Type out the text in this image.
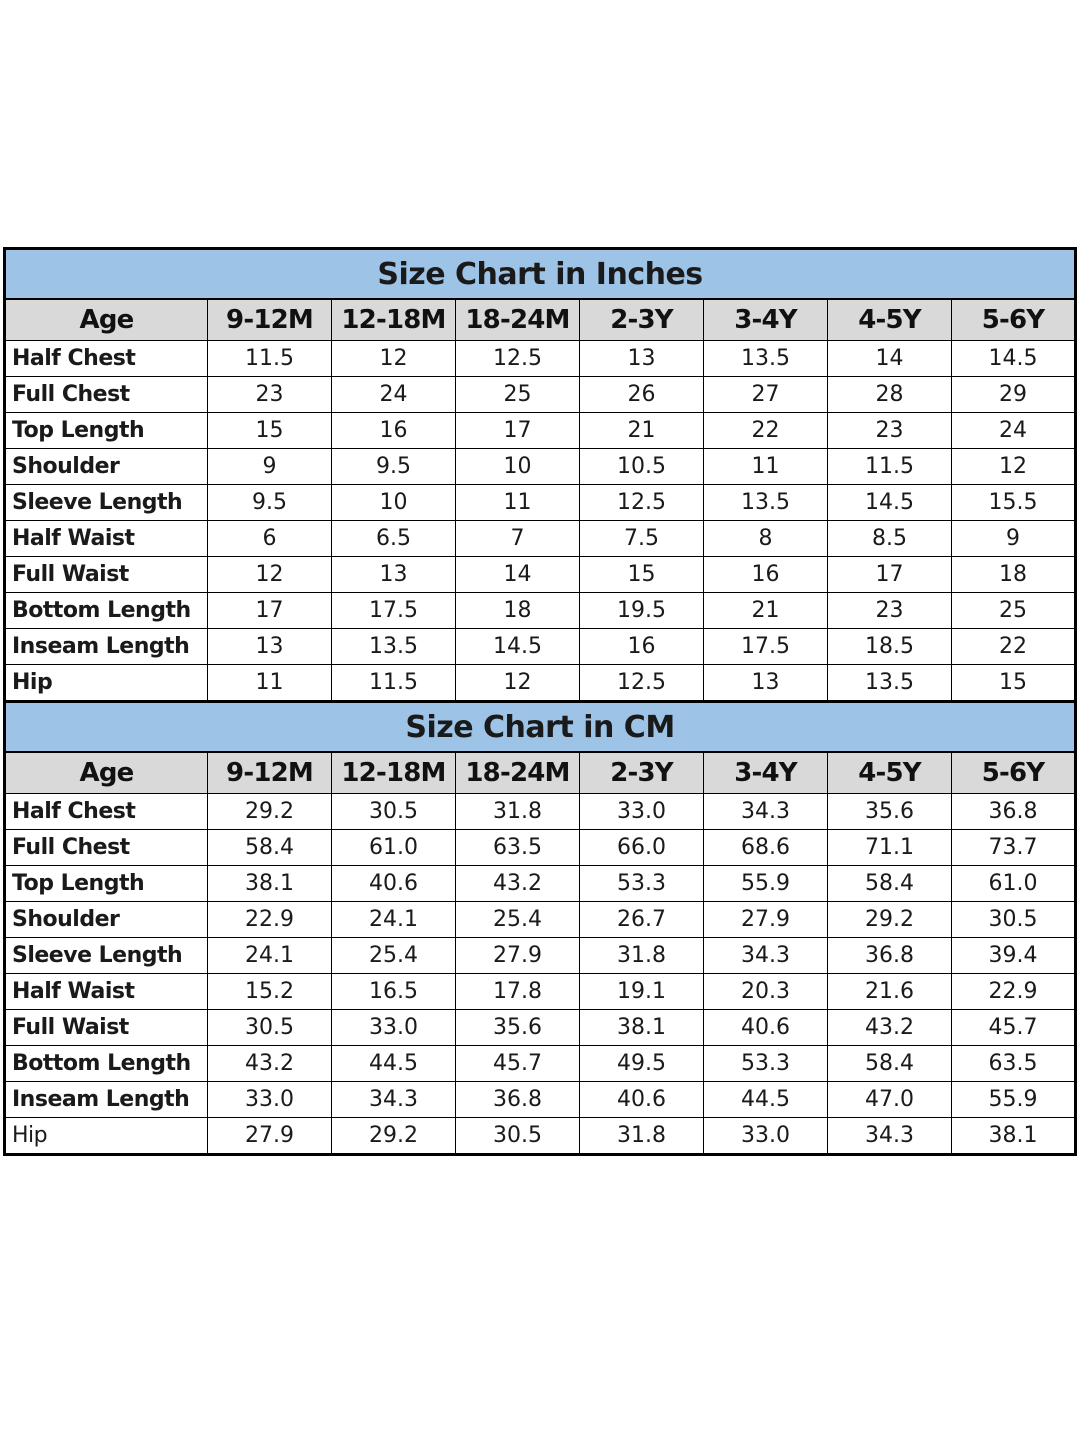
Size Chart in Inches							
Age	9-12M	12-18M	18-24M	2-3Y	3-4Y	4-5Y	5-6Y
Half Chest	11.5	12	12.5	13	13.5	14	14.5
Full Chest	23	24	25	26	27	28	29
Top Length	15	16	17	21	22	23	24
Shoulder	9	9.5	10	10.5	11	11.5	12
Sleeve Length	9.5	10	11	12.5	13.5	14.5	15.5
Half Waist	6	6.5	7	7.5	8	8.5	9
Full Waist	12	13	14	15	16	17	18
Bottom Length	17	17.5	18	19.5	21	23	25
Inseam Length	13	13.5	14.5	16	17.5	18.5	22
Hip	11	11.5	12	12.5	13	13.5	15
Size Chart in CM							
Age	9-12M	12-18M	18-24M	2-3Y	3-4Y	4-5Y	5-6Y
Half Chest	29.2	30.5	31.8	33.0	34.3	35.6	36.8
Full Chest	58.4	61.0	63.5	66.0	68.6	71.1	73.7
Top Length	38.1	40.6	43.2	53.3	55.9	58.4	61.0
Shoulder	22.9	24.1	25.4	26.7	27.9	29.2	30.5
Sleeve Length	24.1	25.4	27.9	31.8	34.3	36.8	39.4
Half Waist	15.2	16.5	17.8	19.1	20.3	21.6	22.9
Full Waist	30.5	33.0	35.6	38.1	40.6	43.2	45.7
Bottom Length	43.2	44.5	45.7	49.5	53.3	58.4	63.5
Inseam Length	33.0	34.3	36.8	40.6	44.5	47.0	55.9
Hip	27.9	29.2	30.5	31.8	33.0	34.3	38.1
